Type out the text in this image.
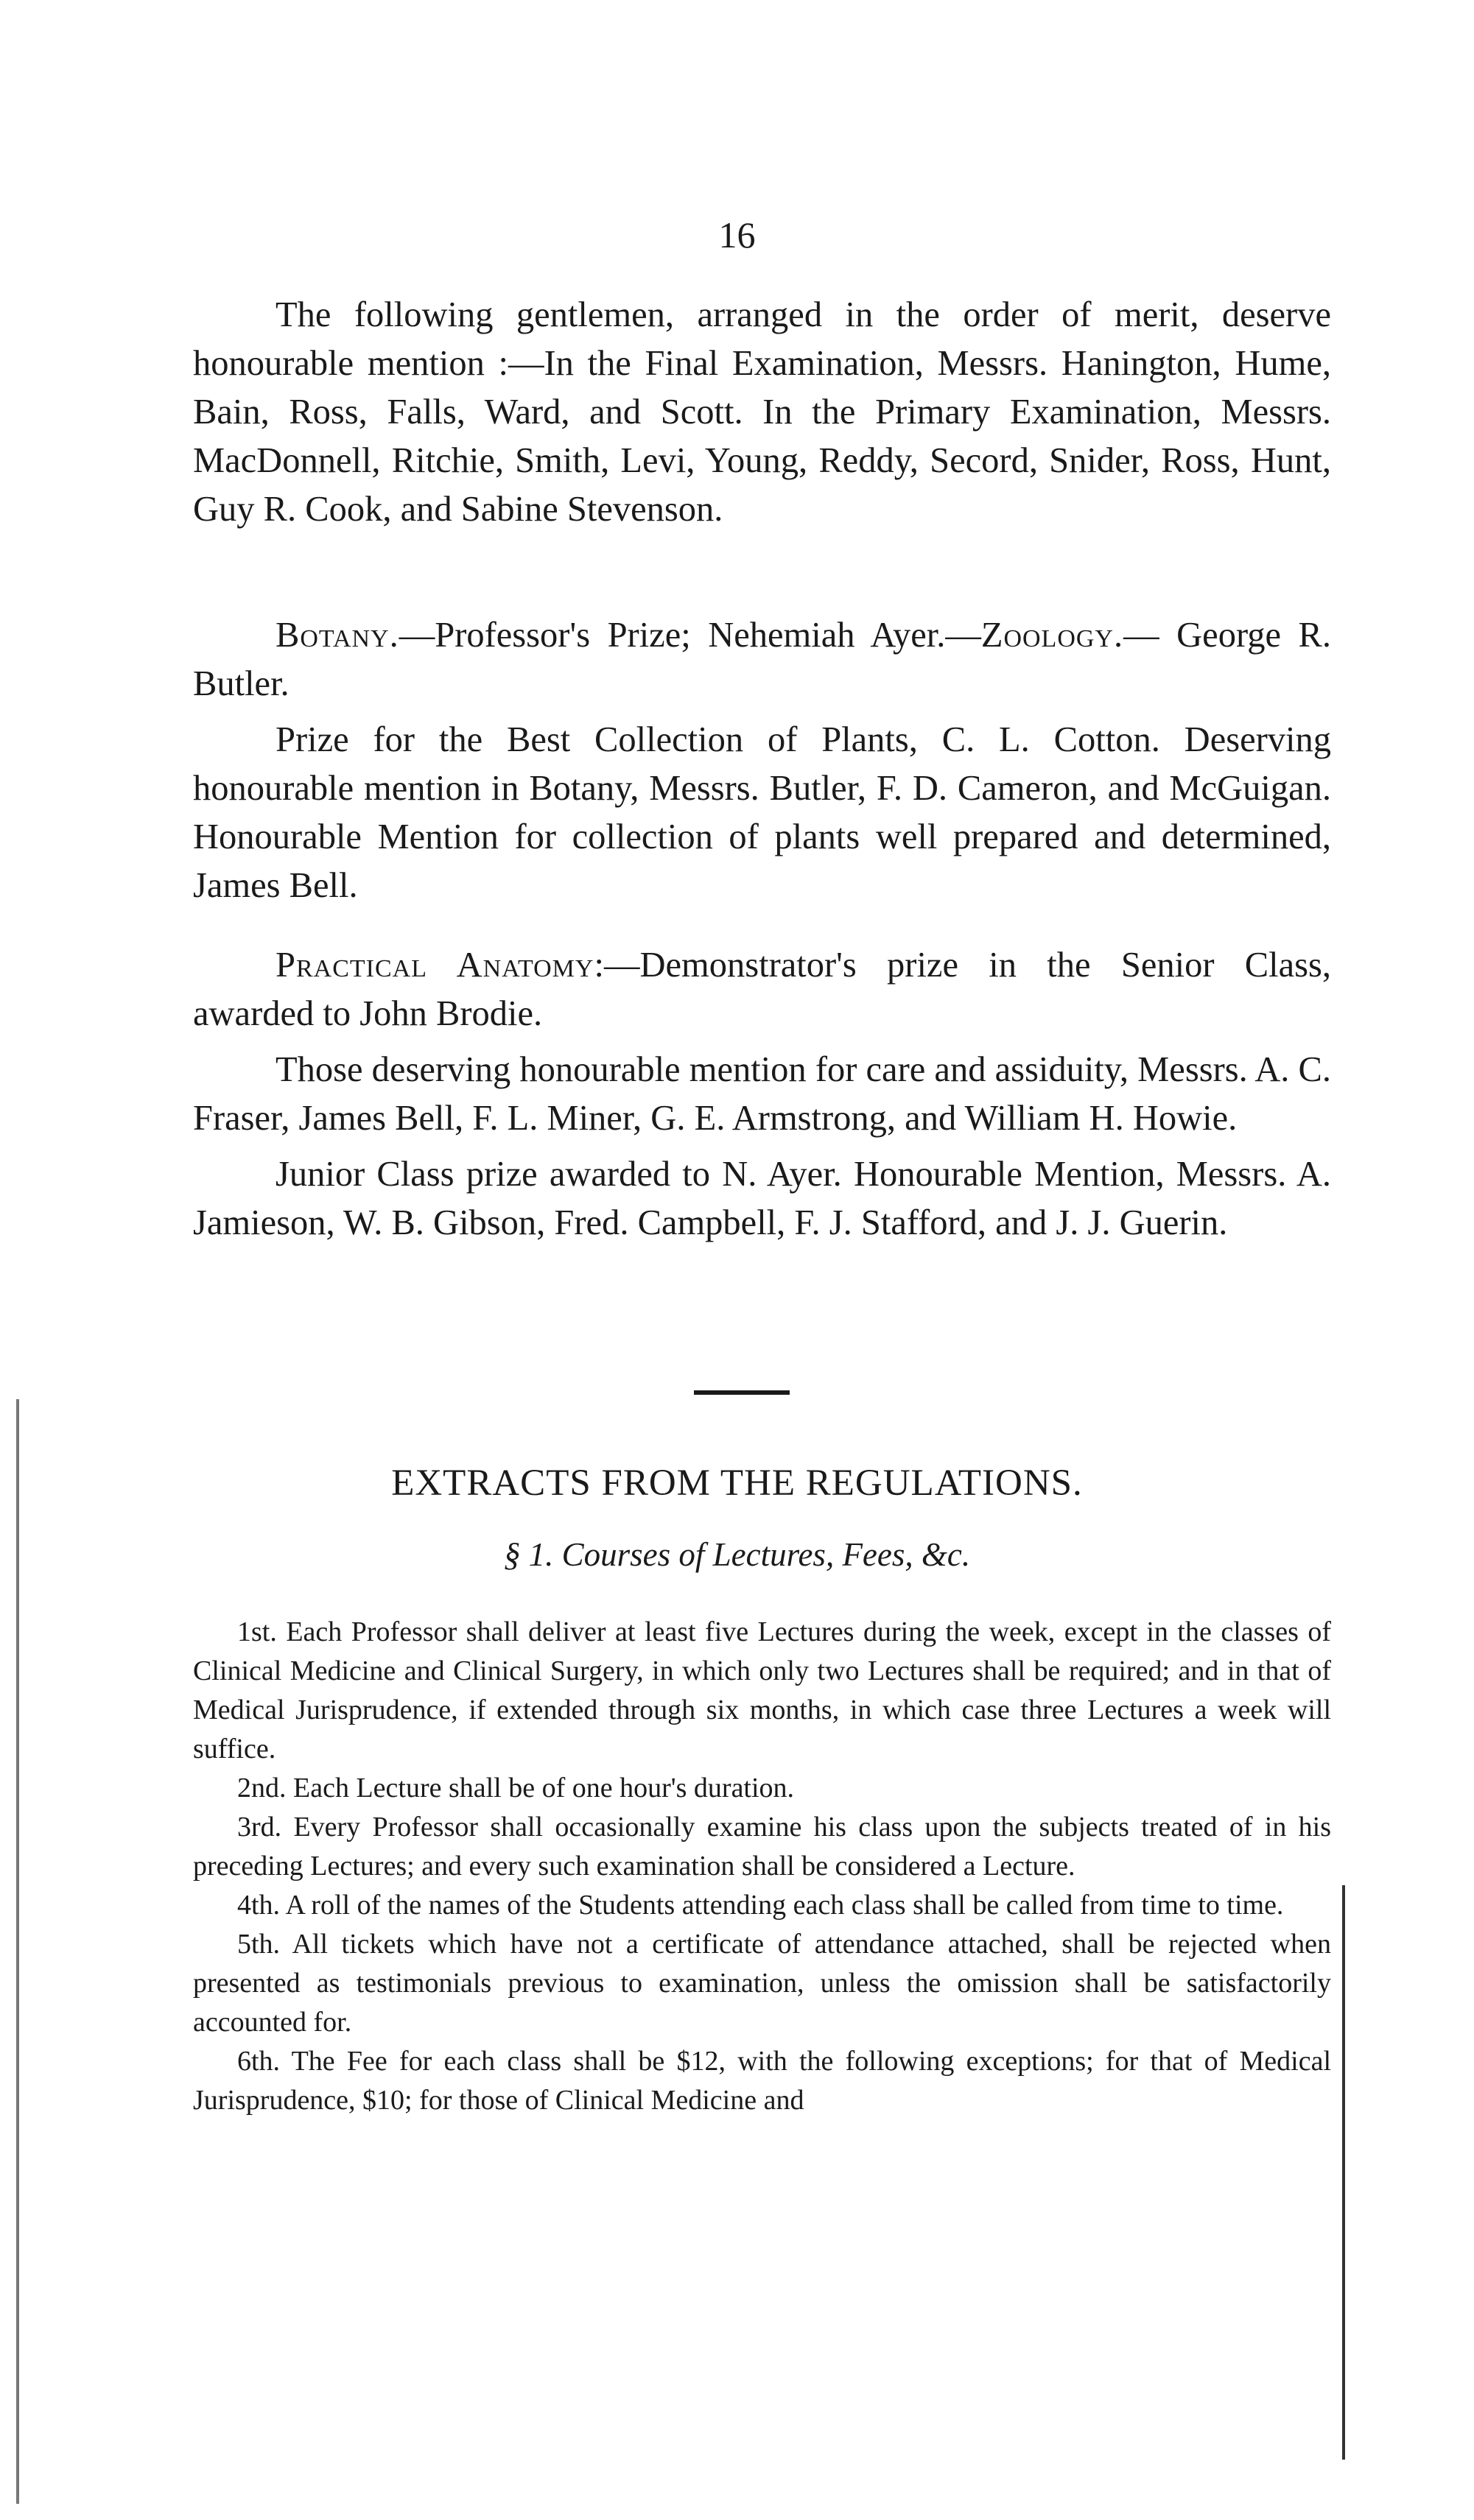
16

The following gentlemen, arranged in the order of merit, deserve honourable mention :—In the Final Examination, Messrs. Hanington, Hume, Bain, Ross, Falls, Ward, and Scott. In the Primary Examination, Messrs. MacDonnell, Ritchie, Smith, Levi, Young, Reddy, Secord, Snider, Ross, Hunt, Guy R. Cook, and Sabine Stevenson.

Botany.—Professor's Prize; Nehemiah Ayer.—Zoology.— George R. Butler.

Prize for the Best Collection of Plants, C. L. Cotton. Deserving honourable mention in Botany, Messrs. Butler, F. D. Cameron, and McGuigan. Honourable Mention for collection of plants well prepared and determined, James Bell.

Practical Anatomy:—Demonstrator's prize in the Senior Class, awarded to John Brodie.

Those deserving honourable mention for care and assiduity, Messrs. A. C. Fraser, James Bell, F. L. Miner, G. E. Armstrong, and William H. Howie.

Junior Class prize awarded to N. Ayer. Honourable Mention, Messrs. A. Jamieson, W. B. Gibson, Fred. Campbell, F. J. Stafford, and J. J. Guerin.

EXTRACTS FROM THE REGULATIONS.
§ 1. Courses of Lectures, Fees, &c.

1st. Each Professor shall deliver at least five Lectures during the week, except in the classes of Clinical Medicine and Clinical Surgery, in which only two Lectures shall be required; and in that of Medical Jurisprudence, if extended through six months, in which case three Lectures a week will suffice.

2nd. Each Lecture shall be of one hour's duration.

3rd. Every Professor shall occasionally examine his class upon the subjects treated of in his preceding Lectures; and every such examination shall be considered a Lecture.

4th. A roll of the names of the Students attending each class shall be called from time to time.

5th. All tickets which have not a certificate of attendance attached, shall be rejected when presented as testimonials previous to examination, unless the omission shall be satisfactorily accounted for.

6th. The Fee for each class shall be $12, with the following exceptions; for that of Medical Jurisprudence, $10; for those of Clinical Medicine and
